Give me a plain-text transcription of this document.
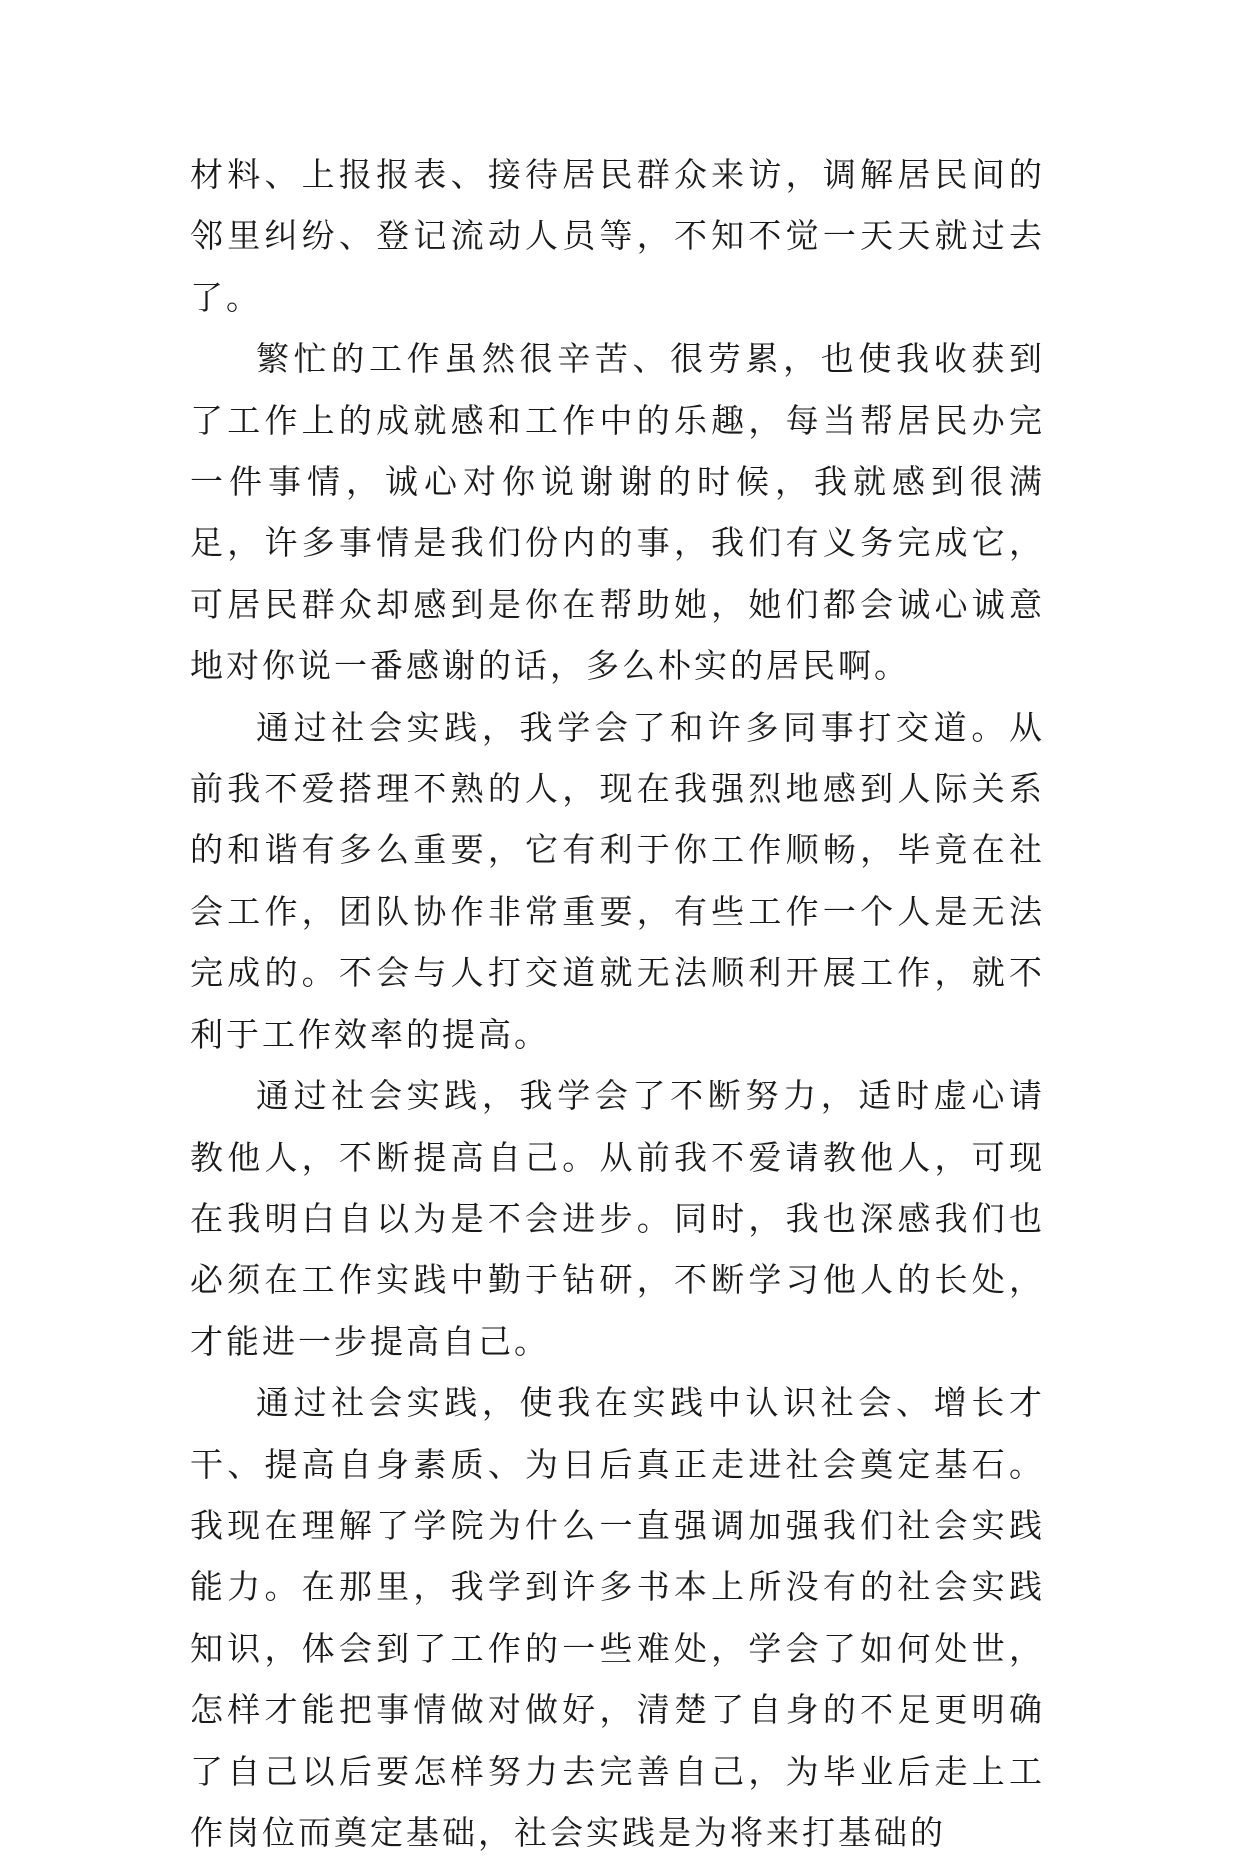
材料、上报报表、接待居民群众来访，调解居民间的邻里纠纷、登记流动人员等，不知不觉一天天就过去了。

繁忙的工作虽然很辛苦、很劳累，也使我收获到了工作上的成就感和工作中的乐趣，每当帮居民办完一件事情，诚心对你说谢谢的时候，我就感到很满足，许多事情是我们份内的事，我们有义务完成它，可居民群众却感到是你在帮助她，她们都会诚心诚意地对你说一番感谢的话，多么朴实的居民啊。

通过社会实践，我学会了和许多同事打交道。从前我不爱搭理不熟的人，现在我强烈地感到人际关系的和谐有多么重要，它有利于你工作顺畅，毕竟在社会工作，团队协作非常重要，有些工作一个人是无法完成的。不会与人打交道就无法顺利开展工作，就不利于工作效率的提高。

通过社会实践，我学会了不断努力，适时虚心请教他人，不断提高自己。从前我不爱请教他人，可现在我明白自以为是不会进步。同时，我也深感我们也必须在工作实践中勤于钻研，不断学习他人的长处，才能进一步提高自己。

通过社会实践，使我在实践中认识社会、增长才干、提高自身素质、为日后真正走进社会奠定基石。我现在理解了学院为什么一直强调加强我们社会实践能力。在那里，我学到许多书本上所没有的社会实践知识，体会到了工作的一些难处，学会了如何处世，怎样才能把事情做对做好，清楚了自身的不足更明确了自己以后要怎样努力去完善自己，为毕业后走上工作岗位而奠定基础，社会实践是为将来打基础的
